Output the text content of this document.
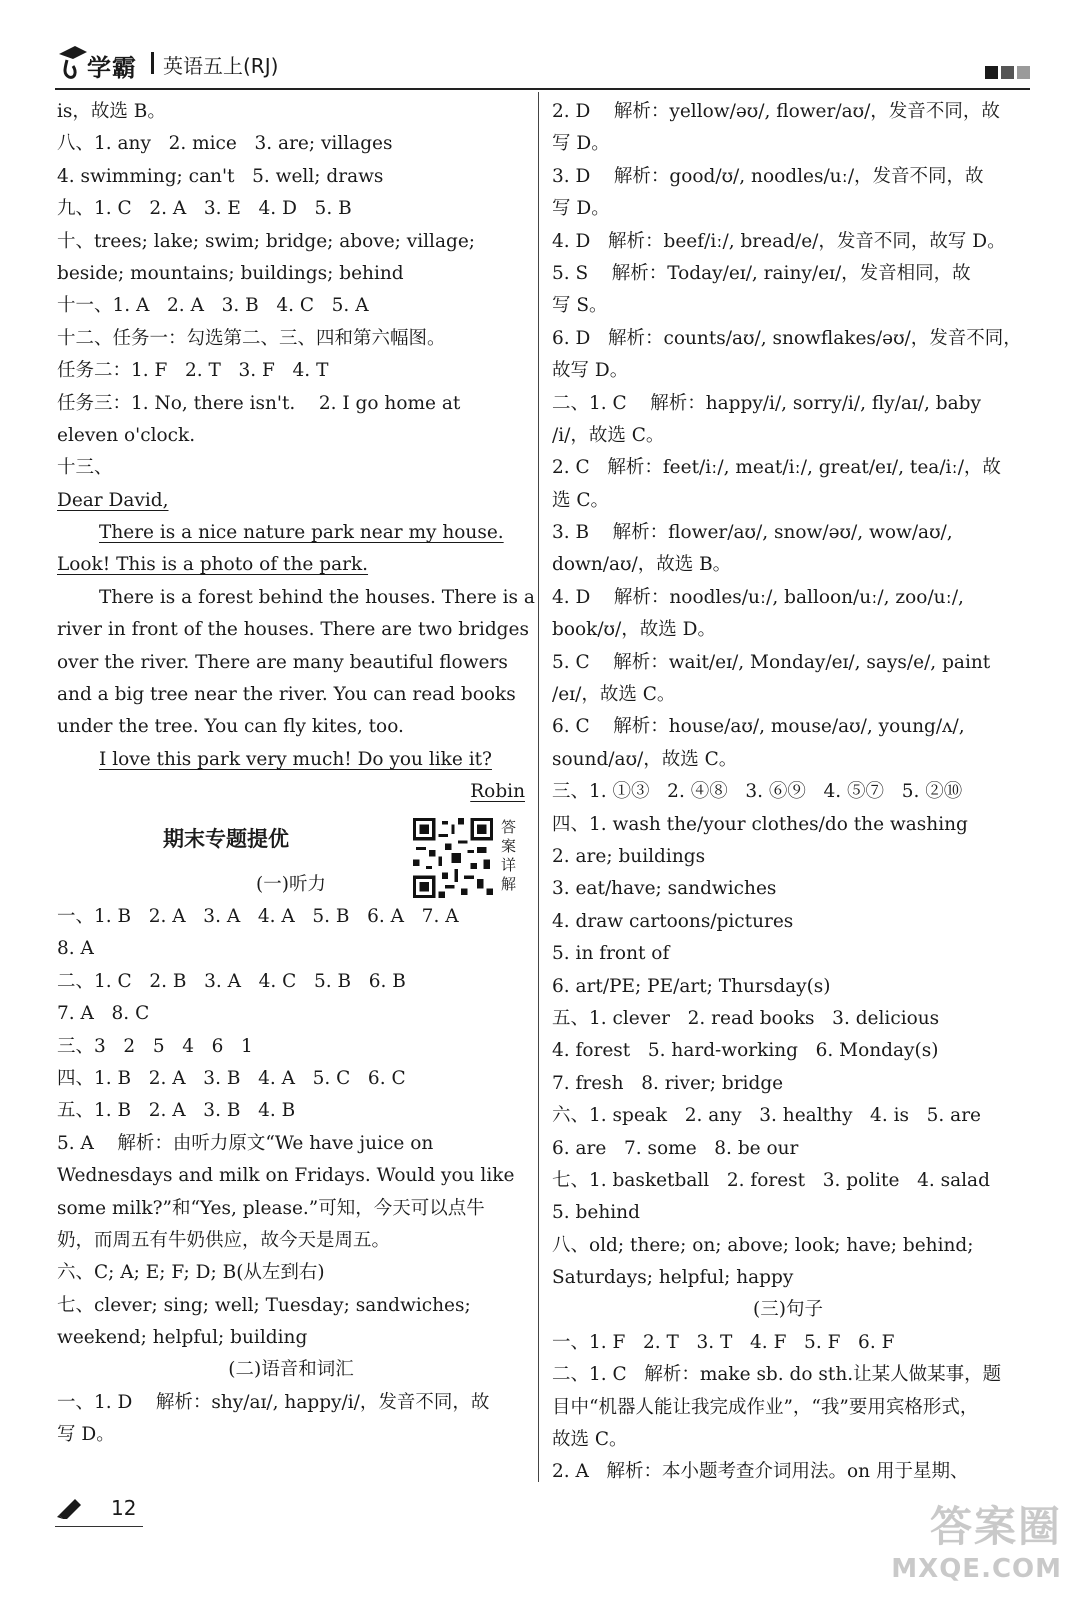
学霸 英语五上(RJ)
is，故选 B。
八、1. any   2. mice   3. are; villages
4. swimming; can't   5. well; draws
九、1. C   2. A   3. E   4. D   5. B
十、trees; lake; swim; bridge; above; village;
beside; mountains; buildings; behind
十一、1. A   2. A   3. B   4. C   5. A
十二、任务一：勾选第二、三、四和第六幅图。
任务二：1. F   2. T   3. F   4. T
任务三：1. No, there isn't.    2. I go home at
eleven o'clock.
十三、
Dear David,
There is a nice nature park near my house.
Look! This is a photo of the park.
There is a forest behind the houses. There is a
river in front of the houses. There are two bridges
over the river. There are many beautiful flowers
and a big tree near the river. You can read books
under the tree. You can fly kites, too.
I love this park very much! Do you like it?
Robin
期末专题提优
(一)听力
一、1. B   2. A   3. A   4. A   5. B   6. A   7. A
8. A
二、1. C   2. B   3. A   4. C   5. B   6. B
7. A   8. C
三、3   2   5   4   6   1
四、1. B   2. A   3. B   4. A   5. C   6. C
五、1. B   2. A   3. B   4. B
5. A    解析：由听力原文“We have juice on
Wednesdays and milk on Fridays. Would you like
some milk?”和“Yes, please.”可知，今天可以点牛
奶，而周五有牛奶供应，故今天是周五。
六、C; A; E; F; D; B(从左到右)
七、clever; sing; well; Tuesday; sandwiches;
weekend; helpful; building
(二)语音和词汇
一、1. D    解析：shy/aɪ/, happy/i/，发音不同，故
写 D。
答案详解
2. D    解析：yellow/əʊ/, flower/aʊ/，发音不同，故
写 D。
3. D    解析：good/ʊ/, noodles/uː/，发音不同，故
写 D。
4. D   解析：beef/iː/, bread/e/，发音不同，故写 D。
5. S    解析：Today/eɪ/, rainy/eɪ/，发音相同，故
写 S。
6. D   解析：counts/aʊ/, snowflakes/əʊ/，发音不同，
故写 D。
二、1. C    解析：happy/i/, sorry/i/, fly/aɪ/, baby
/i/，故选 C。
2. C   解析：feet/iː/, meat/iː/, great/eɪ/, tea/iː/，故
选 C。
3. B    解析：flower/aʊ/, snow/əʊ/, wow/aʊ/,
down/aʊ/，故选 B。
4. D    解析：noodles/uː/, balloon/uː/, zoo/uː/,
book/ʊ/，故选 D。
5. C    解析：wait/eɪ/, Monday/eɪ/, says/e/, paint
/eɪ/，故选 C。
6. C    解析：house/aʊ/, mouse/aʊ/, young/ʌ/,
sound/aʊ/，故选 C。
三、1. ①③   2. ④⑧   3. ⑥⑨   4. ⑤⑦   5. ②⑩
四、1. wash the/your clothes/do the washing
2. are; buildings
3. eat/have; sandwiches
4. draw cartoons/pictures
5. in front of
6. art/PE; PE/art; Thursday(s)
五、1. clever   2. read books   3. delicious
4. forest   5. hard-working   6. Monday(s)
7. fresh   8. river; bridge
六、1. speak   2. any   3. healthy   4. is   5. are
6. are   7. some   8. be our
七、1. basketball   2. forest   3. polite   4. salad
5. behind
八、old; there; on; above; look; have; behind;
Saturdays; helpful; happy
(三)句子
一、1. F   2. T   3. T   4. F   5. F   6. F
二、1. C   解析：make sb. do sth.让某人做某事，题
目中“机器人能让我完成作业”，“我”要用宾格形式，
故选 C。
2. A   解析：本小题考查介词用法。on 用于星期、
12	答案圈
MXQE.COM
